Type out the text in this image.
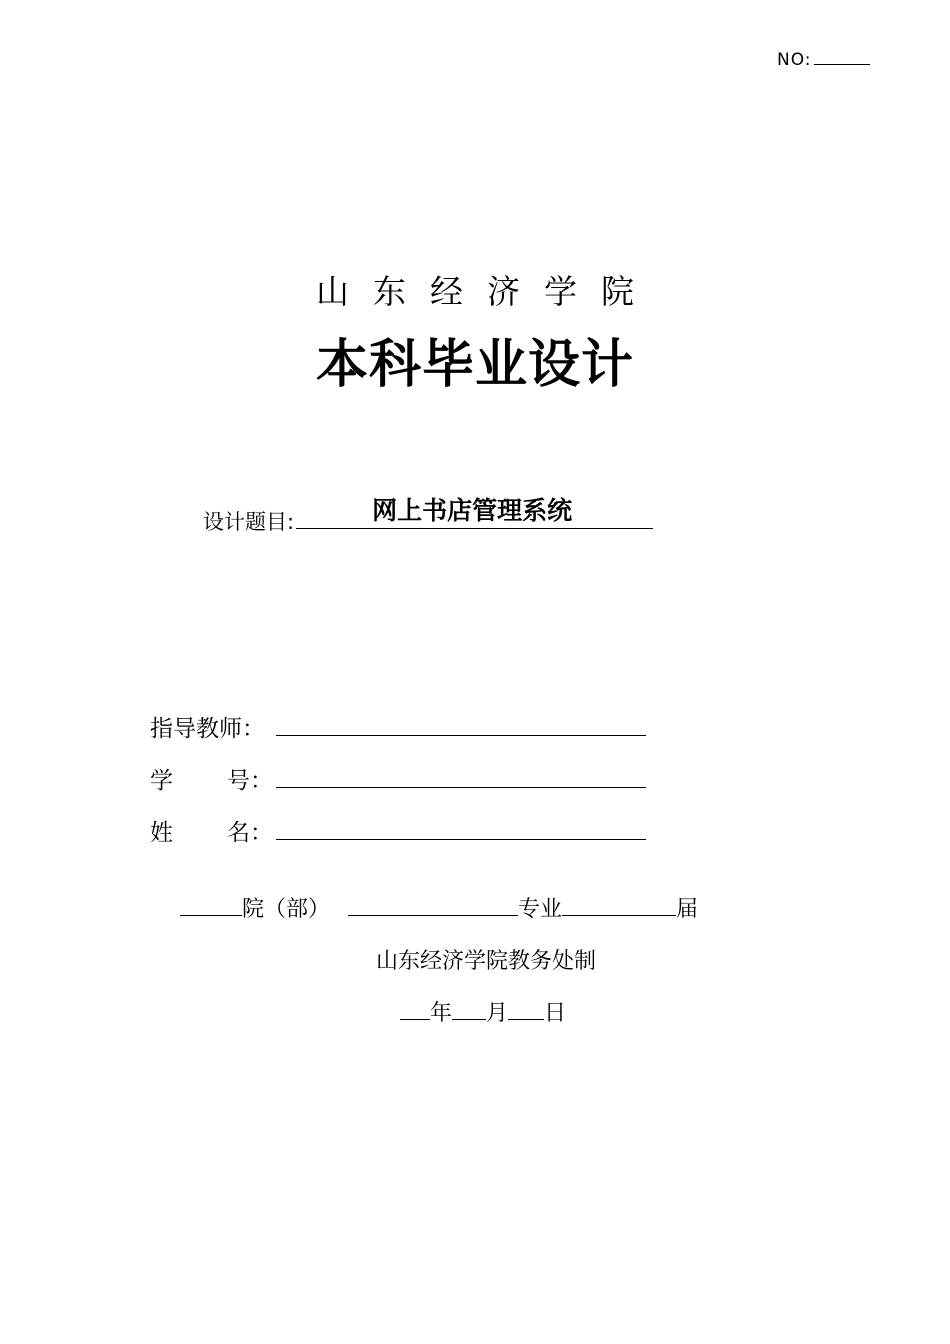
NO:
山东经济学院
本科毕业设计
设计题目:	网上书店管理系统
指导教师：
学 号 ：
姓 名 ：
院（部）	专业	届
山东经济学院教务处制
年 月 日
